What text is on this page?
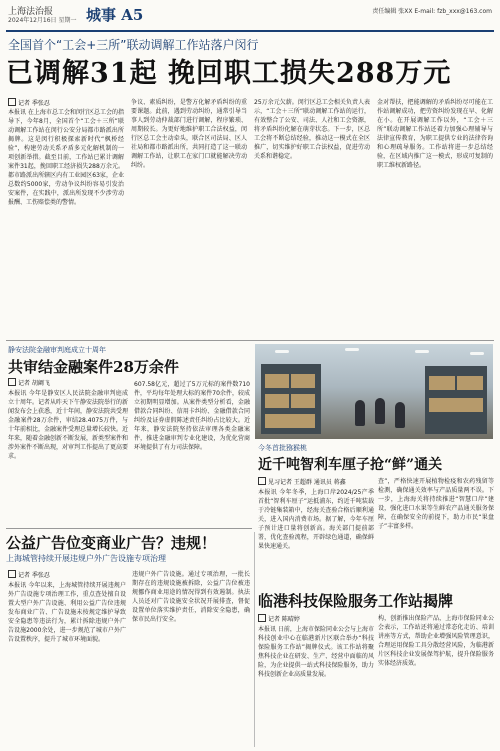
上海法治报
2024年12月16日 星期一 城事 A5	责任编辑 张XX E-mail: fzb_xxx@163.com
全国首个“工会+三所”联动调解工作站落户闵行
已调解31起 挽回职工损失288万元
记者 季张忍
本报讯 在上海市总工会和闵行区总工会的指导下，今年8月，全国首个“工会＋三所”联动调解工作站在闵行公安分局都市路派出所揭牌。这是闵行积极探索新时代“枫桥经验”，构建劳动关系矛盾多元化解机制的一项创新举措。截至目前，工作站已累计调解案件31起，挽回职工经济损失288万余元。都市路派出所辖区内有工业园区63家，企业总数约5000家，劳动争议纠纷容易引发治安案件，在实践中，派出所发现不少涉劳动报酬、工伤赔偿类的警情。
争议、素质纠纷，是警方化解矛盾纠纷的重要课题。此前，遇到劳动纠纷，通常引导当事人到劳动仲裁部门进行调解，程序繁琐、周期较长。为更好地维护职工合法权益，闵行区总工会主动牵头，联合区司法局、区人社局和都市路派出所，共同打造了这一联动调解工作站，让职工在家门口就能解决劳动纠纷。
25万余元欠薪。闵行区总工会相关负责人表示，“工会＋三所”联动调解工作站的运行，有效整合了公安、司法、人社和工会资源，将矛盾纠纷化解在萌芽状态。下一步，区总工会将不断总结经验，推动这一模式在全区推广，切实维护好职工合法权益，促进劳动关系和谐稳定。
金对帮扶，把能调解的矛盾纠纷尽可能在工作站调解成功，把劳资纠纷发现在早、化解在小。在开展调解工作以外，“工会＋三所”联动调解工作站还着力加强心理辅导与法律宣传教育，为职工提供专业的法律咨询和心理疏导服务。工作站将进一步总结经验，在区域内推广这一模式，形成可复制的职工维权新路径。
静安法院金融审判庭成立十周年
共审结金融案件28万余件
记者 胡阚飞
本报讯 今年是静安区人民法院金融审判庭成立十周年。记者从昨天下午静安法院举行的新闻发布会上获悉，近十年间，静安法院共受理金融案件28万余件，审结28.4075万件，与十年前相比，金融案件受理总量增长较快。近年来，随着金融创新不断发展，新类型案件和涉外案件不断出现，对审判工作提出了更高要求。
607.58亿元，超过了5万元标的案件数710件，平均每年处理大标的案件70余件，较成立初期明显增加。从案件类型分析看，金融借款合同纠纷、信用卡纠纷、金融借款合同纠纷及证券虚假陈述责任纠纷占比较大。近年来，静安法院坚持依法审理各类金融案件，推进金融审判专业化建设，为优化营商环境提供了有力司法保障。	今冬首批猕猴桃
近千吨智利车厘子抢“鲜”通关
见习记者 王超群 通讯员 蒋鑫
本报讯 今年冬季，上海口岸2024/25产季首批“智利车厘子”运抵浦东，约近千吨装载于冷链集装箱中，经海关查验合格后顺利通关，进入国内消费市场。据了解，今年车厘子预计进口量将创新高。海关部门提前部署，优化查验流程，开辟绿色通道，确保鲜果快速通关。
查”，严格快速开展植物检疫和农药残留等检测，确保通关效率与产品质量两不误。下一步，上海海关将持续推进“智慧口岸”建设，强化进口水果等生鲜农产品通关服务保障，在确保安全的前提下，助力市民“果盘子”丰富多样。
公益广告位变商业广告？违规！
上海城管持续开展违规户外广告设施专项治理
记者 季张忍
本报讯 今年以来，上海城管持续开展违规户外广告设施专项治理工作，重点查处擅自设置大型户外广告设施、利用公益广告位违规发布商业广告、广告设施未按规定维护导致安全隐患等违法行为，累计拆除违规户外广告设施2000余处，进一步规范了城市户外广告设置秩序，提升了城市环境面貌。
违规户外广告设施。通过专项治理，一批长期存在的违规设施被拆除，公益广告位被违规挪作商业用途的情况得到有效遏制。执法人员还对广告设施安全状况开展排查，督促设置单位落实维护责任，消除安全隐患，确保市民出行安全。
临港科技保险服务工作站揭牌
记者 陈晴婷
本报讯 日前，上海市保险同业公会与上海市科技创业中心在临港新片区联合举办“科技保险服务工作站”揭牌仪式。该工作站将聚焦科技企业在研发、生产、经营中面临的风险，为企业提供一站式科技保险服务，助力科技创新企业高质量发展。
构，创新推出保险产品，上海市保险同业公会表示，工作站还将通过常态化走访、培训讲座等方式，帮助企业增强风险管理意识，合理运用保险工具分散经营风险，为临港新片区科技企业发展保驾护航，提升保险服务实体经济质效。
